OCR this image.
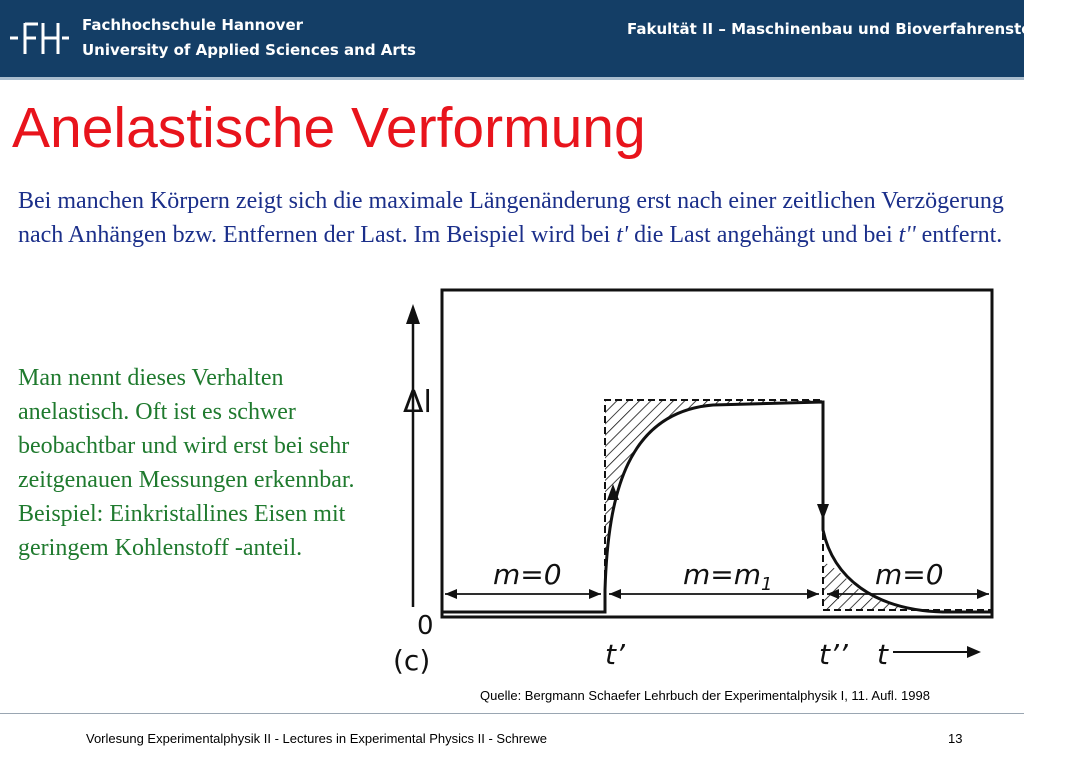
Fachhochschule Hannover
University of Applied Sciences and Arts
Fakultät II – Maschinenbau und Bioverfahrenstechnik
Anelastische Verformung

Bei manchen Körpern zeigt sich die maximale Längenänderung erst nach einer zeitlichen Verzögerung nach Anhängen bzw. Entfernen der Last. Im Beispiel wird bei t' die Last angehängt und bei t'' entfernt.

Man nennt dieses Verhalten anelastisch. Oft ist es schwer beobachtbar und wird erst bei sehr zeitgenauen Messungen erkennbar.
Beispiel: Einkristallines Eisen mit geringem Kohlenstoff -anteil.
Δl
0
(c)	t’	t’’ t
m=0	$m=m_1$	m=0
Quelle: Bergmann Schaefer Lehrbuch der Experimentalphysik I, 11. Aufl. 1998
Vorlesung Experimentalphysik II - Lectures in Experimental Physics II - Schrewe	13
